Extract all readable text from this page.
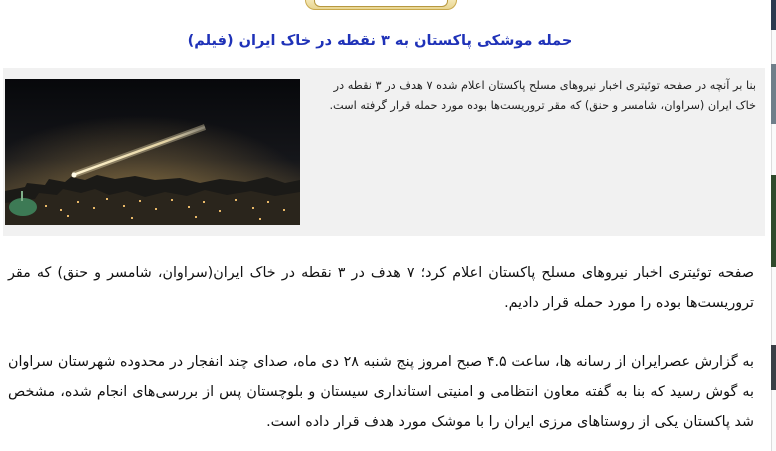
حمله موشکی پاکستان به ۳ نقطه در خاک ایران (فیلم)
بنا بر آنچه در صفحه توئیتری اخبار نیروهای مسلح پاکستان اعلام شده ۷ هدف در ۳ نقطه در خاک ایران (سراوان، شامسر و حنق) که مقر تروریست‌ها بوده مورد حمله قرار گرفته است.
صفحه توئیتری اخبار نیروهای مسلح پاکستان اعلام کرد؛ ۷ هدف در ۳ نقطه در خاک ایران(سراوان، شامسر و حنق) که مقر تروریست‌ها بوده را مورد حمله قرار دادیم.
به گزارش عصرایران از رسانه ها، ساعت ۴.۵ صبح امروز پنج شنبه ۲۸ دی ماه، صدای چند انفجار در محدوده شهرستان سراوان به گوش رسید که بنا به گفته معاون انتظامی و امنیتی استانداری سیستان و بلوچستان پس از بررسی‌های انجام شده، مشخص شد پاکستان یکی از روستاهای مرزی ایران را با موشک مورد هدف قرار داده است.
